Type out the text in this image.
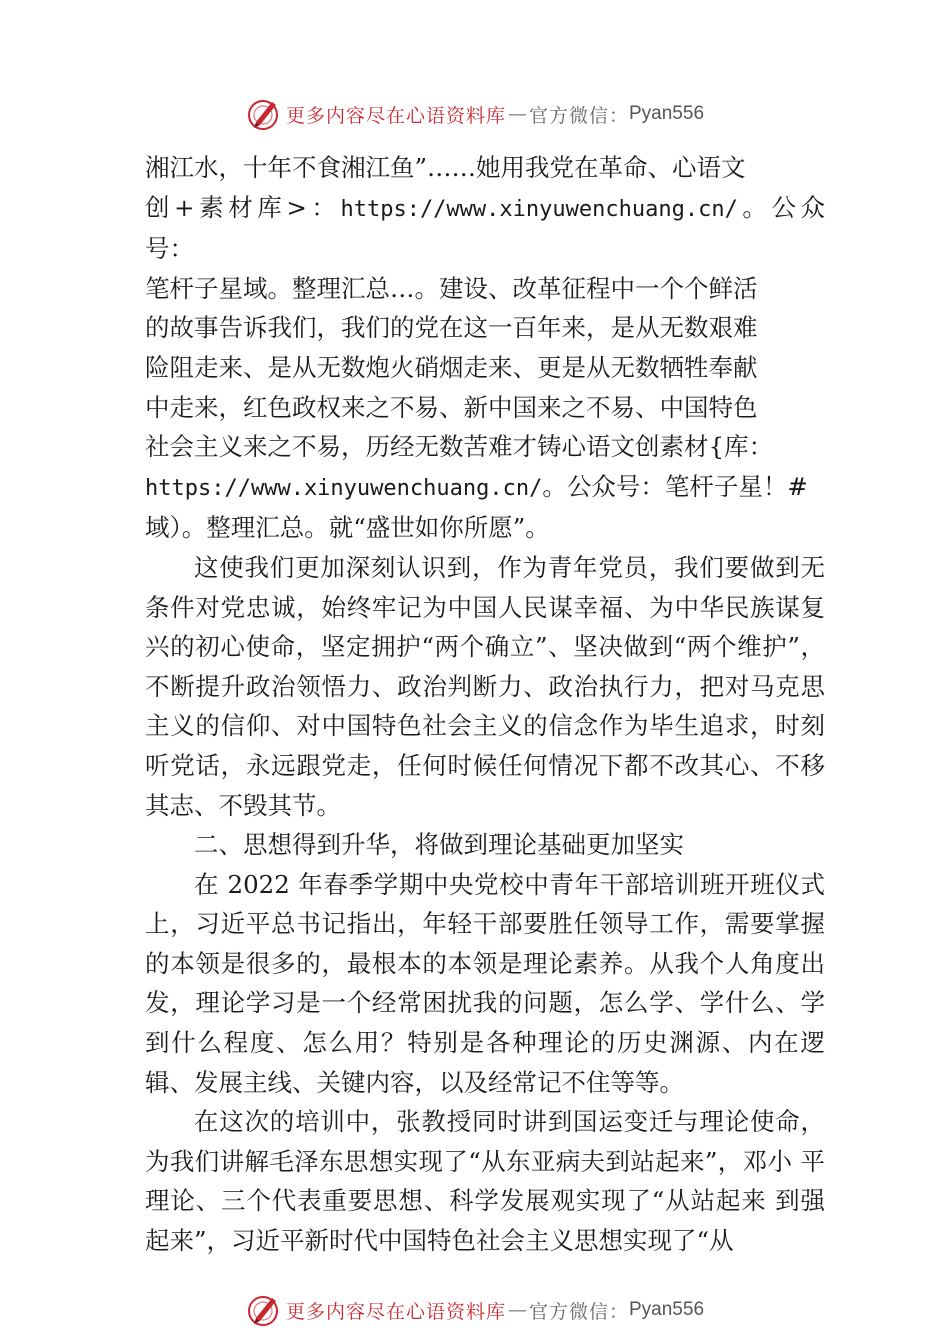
更多内容尽在心语资料库 — 官方微信： Pyan556

湘江水，十年不食湘江鱼”……她用我党在革命、心语文
创+素材库>：https://www.xinyuwenchuang.cn/。公众号：
笔杆子星域。整理汇总…。建设、改革征程中一个个鲜活
的故事告诉我们，我们的党在这一百年来，是从无数艰难
险阻走来、是从无数炮火硝烟走来、更是从无数牺牲奉献
中走来，红色政权来之不易、新中国来之不易、中国特色
社会主义来之不易，历经无数苦难才铸心语文创素材{库：
https://www.xinyuwenchuang.cn/。公众号：笔杆子星！#
域）。整理汇总。就“盛世如你所愿”。

这使我们更加深刻认识到，作为青年党员，我们要做到无条件对党忠诚，始终牢记为中国人民谋幸福、为中华民族谋复兴的初心使命，坚定拥护“两个确立”、坚决做到“两个维护”，不断提升政治领悟力、政治判断力、政治执行力，把对马克思主义的信仰、对中国特色社会主义的信念作为毕生追求，时刻听党话，永远跟党走，任何时候任何情况下都不改其心、不移其志、不毁其节。

二、思想得到升华，将做到理论基础更加坚实

在 2022 年春季学期中央党校中青年干部培训班开班仪式上，习近平总书记指出，年轻干部要胜任领导工作，需要掌握的本领是很多的，最根本的本领是理论素养。从我个人角度出发，理论学习是一个经常困扰我的问题，怎么学、学什么、学到什么程度、怎么用？特别是各种理论的历史渊源、内在逻辑、发展主线、关键内容，以及经常记不住等等。

在这次的培训中，张教授同时讲到国运变迁与理论使命，为我们讲解毛泽东思想实现了“从东亚病夫到站起来”，邓小 平理论、三个代表重要思想、科学发展观实现了“从站起来 到强起来”，习近平新时代中国特色社会主义思想实现了“从

更多内容尽在心语资料库 — 官方微信： Pyan556
